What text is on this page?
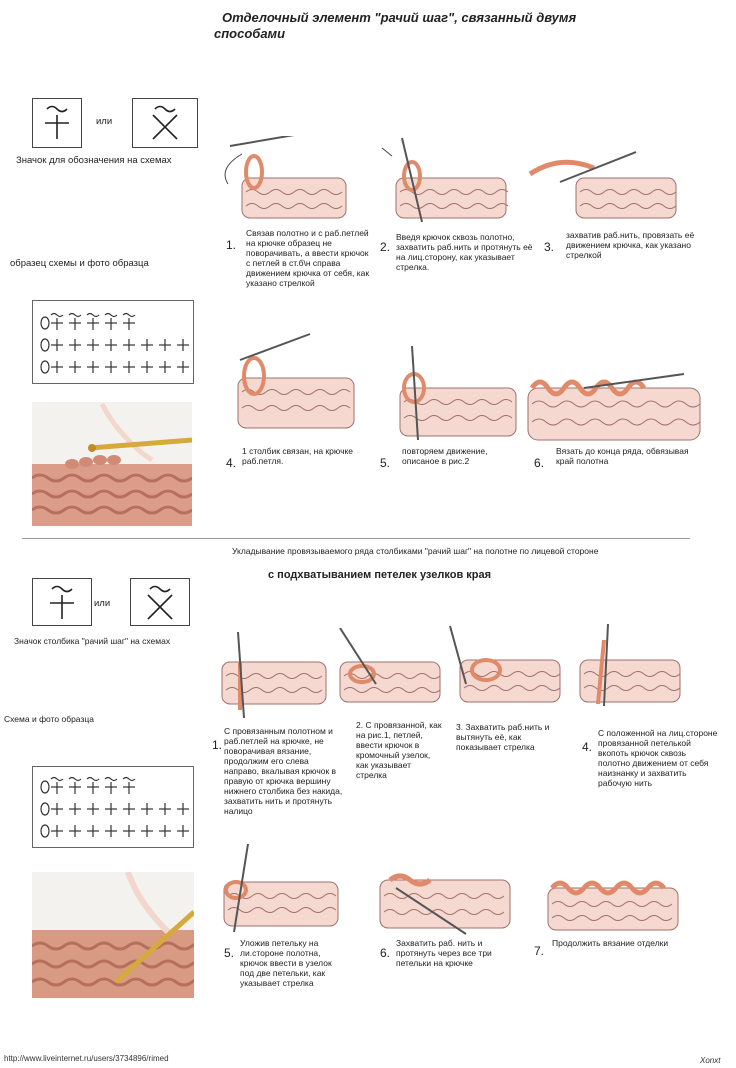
Отделочный элемент "рачий шаг", связанный двумя
способами
или
Значок для обозначения на схемах
образец схемы и фото образца
1.
Связав полотно и с раб.петлей на крючке образец не поворачивать, а ввести крючок с петлей в ст.б\н справа движением крючка от себя, как указано стрелкой
2.
Введя крючок сквозь полотно, захватить раб.нить и протянуть её на лиц.сторону, как указывает стрелка.
3.
захватив раб.нить, провязать её движением крючка, как указано стрелкой
4.
1 столбик связан, на крючке раб.петля.	5.
повторяем движение, описаное в рис.2	6.
Вязать до конца ряда, обвязывая край полотна
Укладывание провязываемого ряда столбиками "рачий шаг" на полотне по лицевой стороне
с подхватыванием петелек узелков края
или
Значок столбика "рачий шаг" на схемах
Схема и фото образца
1.
С провязанным полотном и раб.петлей на крючке, не поворачивая вязание, продолжим его слева направо, вкалывая крючок в правую от крючка вершину нижнего столбика без накида, захватить нить и протянуть налицо
2. С провязанной, как на рис.1, петлей, ввести крючок в кромочный узелок, как указывает стрелка
3. Захватить раб.нить и вытянуть её, как показывает стрелка	4.
С положенной на лиц.стороне провязанной петелькой вкопоть крючок сквозь полотно движением от себя наизнанку и захватить рабочую нить
5.
Уложив петельку на ли.стороне полотна, крючок ввести в узелок под две петельки, как указывает стрелка
6.
Захватить раб. нить и протянуть через все три петельки на крючке
7.
Продолжить вязание отделки
http://www.liveinternet.ru/users/3734896/rimed	Xonxt
